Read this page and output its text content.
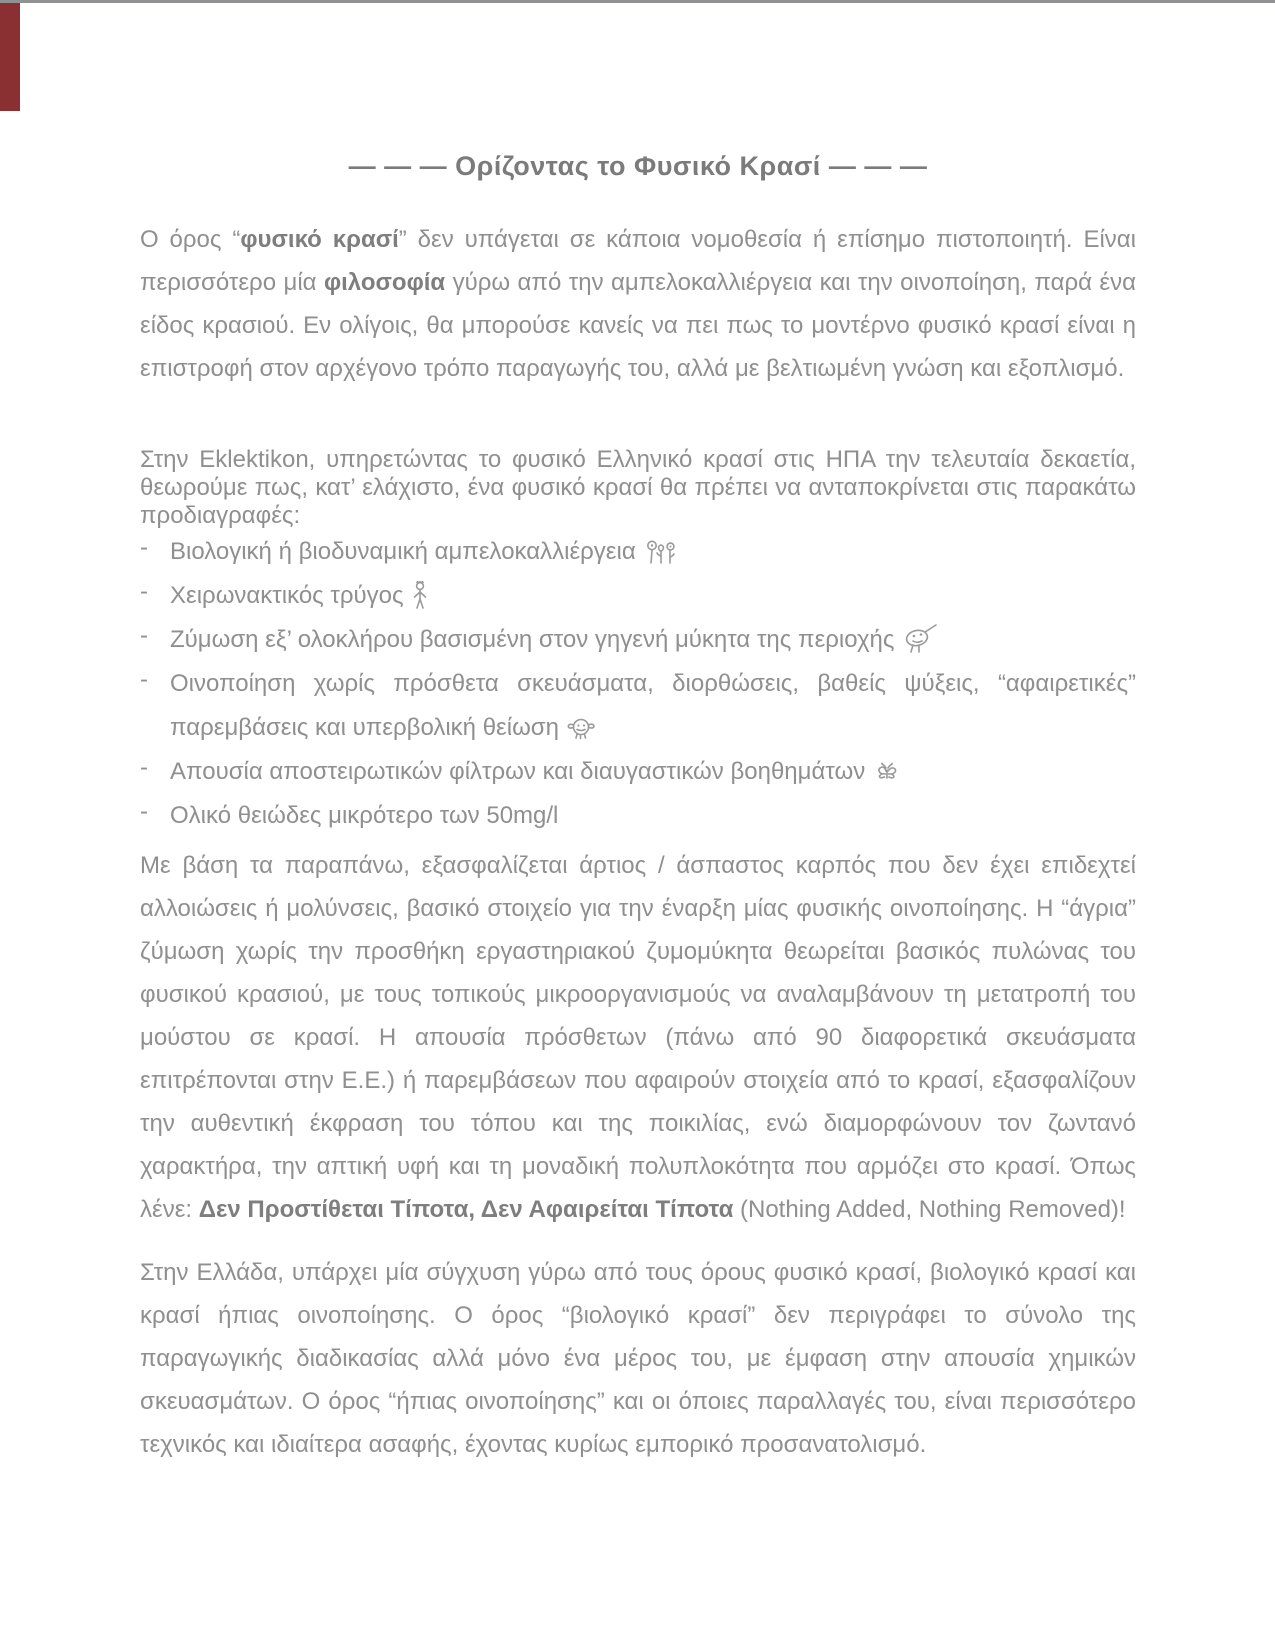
— — — Ορίζοντας το Φυσικό Κρασί — — —

Ο όρος “φυσικό κρασί” δεν υπάγεται σε κάποια νομοθεσία ή επίσημο πιστοποιητή. Είναι περισσότερο μία φιλοσοφία γύρω από την αμπελοκαλλιέργεια και την οινοποίηση, παρά ένα είδος κρασιού. Εν ολίγοις, θα μπορούσε κανείς να πει πως το μοντέρνο φυσικό κρασί είναι η επιστροφή στον αρχέγονο τρόπο παραγωγής του, αλλά με βελτιωμένη γνώση και εξοπλισμό.

Στην Eklektikon, υπηρετώντας το φυσικό Ελληνικό κρασί στις ΗΠΑ την τελευταία δεκαετία, θεωρούμε πως, κατ’ ελάχιστο, ένα φυσικό κρασί θα πρέπει να ανταποκρίνεται στις παρακάτω προδιαγραφές:

- Βιολογική ή βιοδυναμική αμπελοκαλλιέργεια
- Χειρωνακτικός τρύγος
- Ζύμωση εξ’ ολοκλήρου βασισμένη στον γηγενή μύκητα της περιοχής
- Οινοποίηση χωρίς πρόσθετα σκευάσματα, διορθώσεις, βαθείς ψύξεις, “αφαιρετικές” παρεμβάσεις και υπερβολική θείωση
- Απουσία αποστειρωτικών φίλτρων και διαυγαστικών βοηθημάτων
- Ολικό θειώδες μικρότερο των 50mg/l

Με βάση τα παραπάνω, εξασφαλίζεται άρτιος / άσπαστος καρπός που δεν έχει επιδεχτεί αλλοιώσεις ή μολύνσεις, βασικό στοιχείο για την έναρξη μίας φυσικής οινοποίησης. Η “άγρια” ζύμωση χωρίς την προσθήκη εργαστηριακού ζυμομύκητα θεωρείται βασικός πυλώνας του φυσικού κρασιού, με τους τοπικούς μικροοργανισμούς να αναλαμβάνουν τη μετατροπή του μούστου σε κρασί. Η απουσία πρόσθετων (πάνω από 90 διαφορετικά σκευάσματα επιτρέπονται στην Ε.Ε.) ή παρεμβάσεων που αφαιρούν στοιχεία από το κρασί, εξασφαλίζουν την αυθεντική έκφραση του τόπου και της ποικιλίας, ενώ διαμορφώνουν τον ζωντανό χαρακτήρα, την απτική υφή και τη μοναδική πολυπλοκότητα που αρμόζει στο κρασί. Όπως λένε: Δεν Προστίθεται Τίποτα, Δεν Αφαιρείται Τίποτα (Nothing Added, Nothing Removed)!

Στην Ελλάδα, υπάρχει μία σύγχυση γύρω από τους όρους φυσικό κρασί, βιολογικό κρασί και κρασί ήπιας οινοποίησης. Ο όρος “βιολογικό κρασί” δεν περιγράφει το σύνολο της παραγωγικής διαδικασίας αλλά μόνο ένα μέρος του, με έμφαση στην απουσία χημικών σκευασμάτων. Ο όρος “ήπιας οινοποίησης” και οι όποιες παραλλαγές του, είναι περισσότερο τεχνικός και ιδιαίτερα ασαφής, έχοντας κυρίως εμπορικό προσανατολισμό.
